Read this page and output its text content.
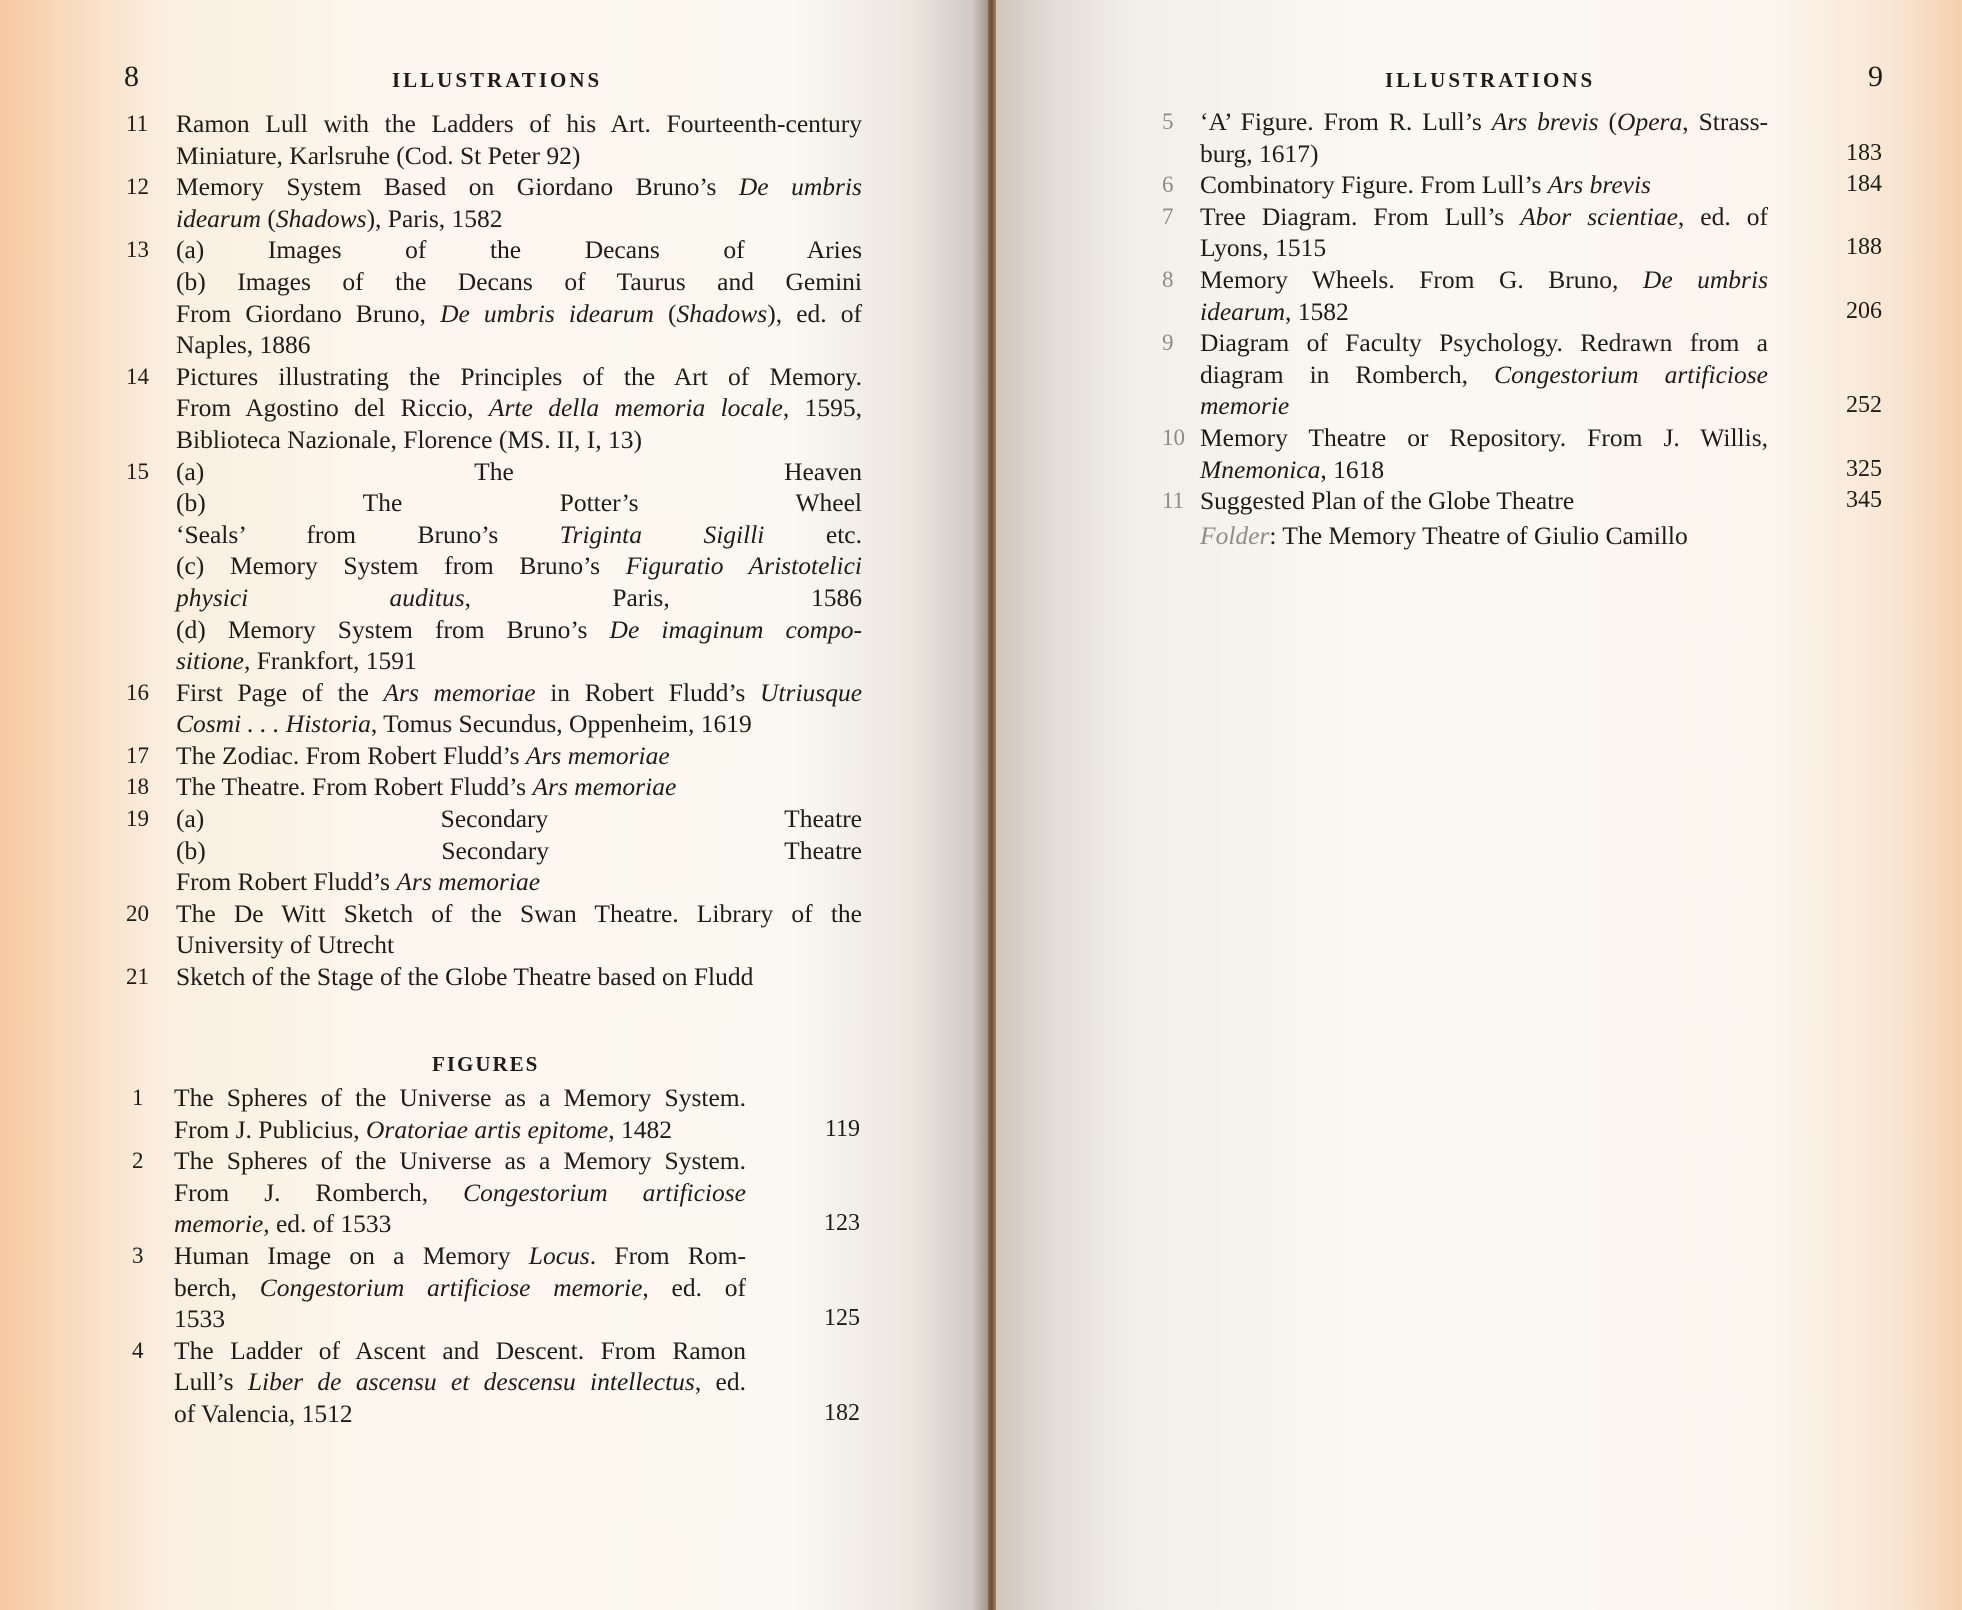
8	ILLUSTRATIONS
11 Ramon Lull with the Ladders of his Art. Fourteenth-century
Miniature, Karlsruhe (Cod. St Peter 92)
12 Memory System Based on Giordano Bruno’s De umbris
idearum (Shadows), Paris, 1582
13 (a) Images of the Decans of Aries
(b) Images of the Decans of Taurus and Gemini
From Giordano Bruno, De umbris idearum (Shadows), ed. of
Naples, 1886
14 Pictures illustrating the Principles of the Art of Memory.
From Agostino del Riccio, Arte della memoria locale, 1595,
Biblioteca Nazionale, Florence (MS. II, I, 13)
15 (a) The Heaven
(b) The Potter’s Wheel
‘Seals’ from Bruno’s Triginta Sigilli etc.
(c) Memory System from Bruno’s Figuratio Aristotelici
physici auditus, Paris, 1586
(d) Memory System from Bruno’s De imaginum compo-
sitione, Frankfort, 1591
16 First Page of the Ars memoriae in Robert Fludd’s Utriusque
Cosmi . . . Historia, Tomus Secundus, Oppenheim, 1619
17 The Zodiac. From Robert Fludd’s Ars memoriae
18 The Theatre. From Robert Fludd’s Ars memoriae
19 (a) Secondary Theatre
(b) Secondary Theatre
From Robert Fludd’s Ars memoriae
20 The De Witt Sketch of the Swan Theatre. Library of the
University of Utrecht
21 Sketch of the Stage of the Globe Theatre based on Fludd
FIGURES
1 The Spheres of the Universe as a Memory System.
From J. Publicius, Oratoriae artis epitome, 1482	119
2 The Spheres of the Universe as a Memory System.
From J. Romberch, Congestorium artificiose
memorie, ed. of 1533	123
3 Human Image on a Memory Locus. From Rom-
berch, Congestorium artificiose memorie, ed. of
1533	125
4 The Ladder of Ascent and Descent. From Ramon
Lull’s Liber de ascensu et descensu intellectus, ed.
of Valencia, 1512	182
ILLUSTRATIONS	9
5 ‘A’ Figure. From R. Lull’s Ars brevis (Opera, Strass-
burg, 1617)	183
6 Combinatory Figure. From Lull’s Ars brevis	184
7 Tree Diagram. From Lull’s Abor scientiae, ed. of
Lyons, 1515	188
8 Memory Wheels. From G. Bruno, De umbris
idearum, 1582	206
9 Diagram of Faculty Psychology. Redrawn from a
diagram in Romberch, Congestorium artificiose
memorie	252
10 Memory Theatre or Repository. From J. Willis,
Mnemonica, 1618	325
11 Suggested Plan of the Globe Theatre	345
Folder: The Memory Theatre of Giulio Camillo
